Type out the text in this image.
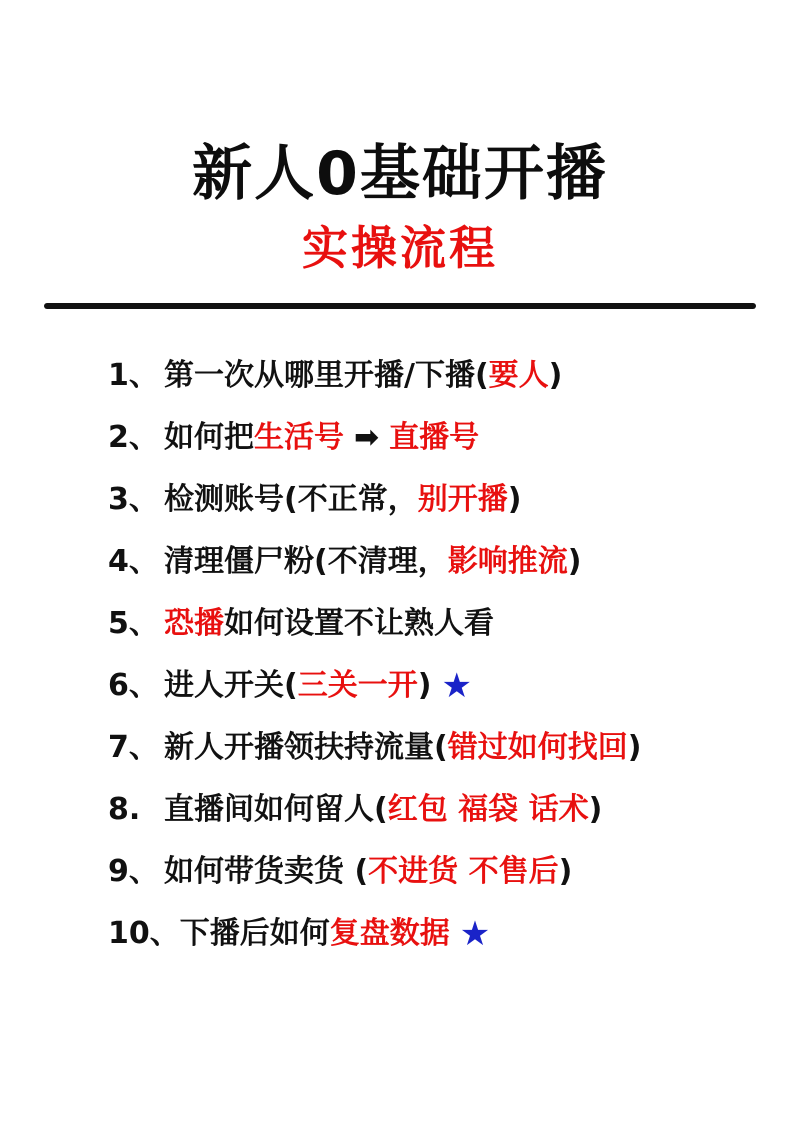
新人0基础开播
实操流程
1、 第一次从哪里开播/下播(要人)
2、 如何把生活号 ➡ 直播号
3、 检测账号(不正常，别开播)
4、 清理僵尸粉(不清理，影响推流)
5、 恐播如何设置不让熟人看
6、 进人开关(三关一开) ★
7、 新人开播领扶持流量(错过如何找回)
8. 直播间如何留人(红包 福袋 话术)
9、 如何带货卖货 (不进货 不售后)
10、 下播后如何复盘数据 ★
